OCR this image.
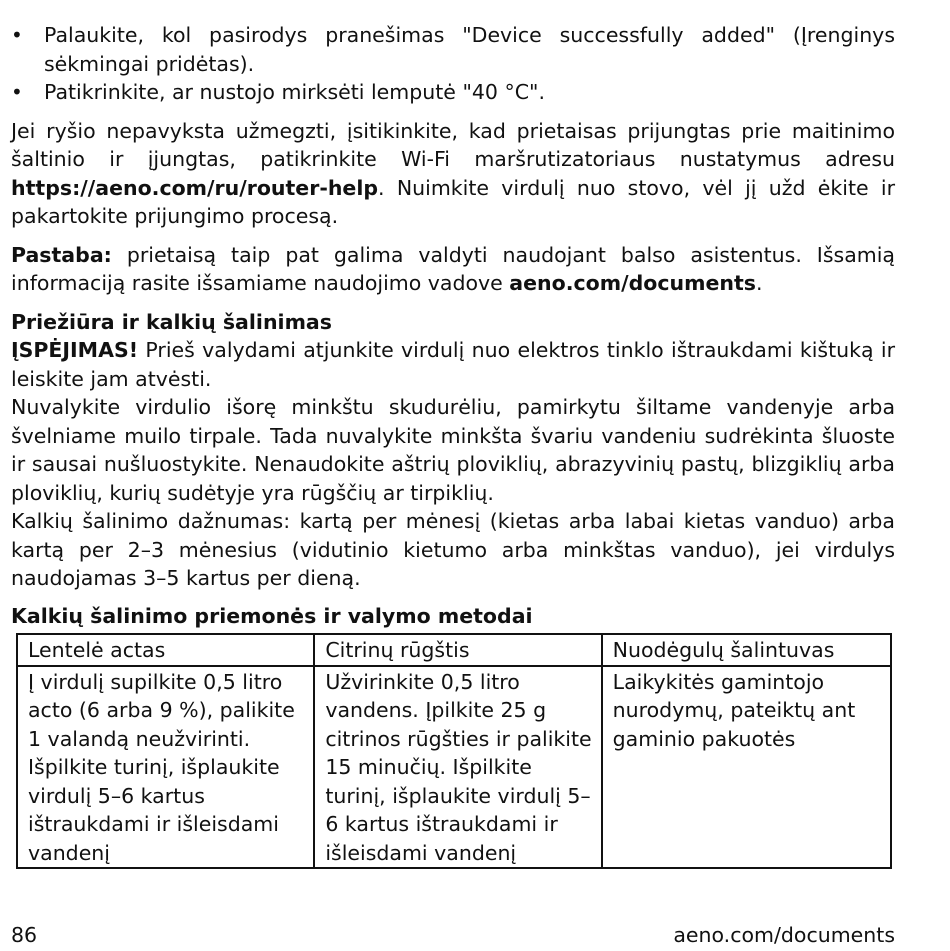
• Palaukite, kol pasirodys pranešimas "Device successfully added" (Įrenginys sėkmingai pridėtas).
• Patikrinkite, ar nustojo mirksėti lemputė "40 °C".

Jei ryšio nepavyksta užmegzti, įsitikinkite, kad prietaisas prijungtas prie maitinimo šaltinio ir įjungtas, patikrinkite Wi-Fi maršrutizatoriaus nustatymus adresu https://aeno.com/ru/router-help. Nuimkite virdulį nuo stovo, vėl jį užd ėkite ir pakartokite prijungimo procesą.

Pastaba: prietaisą taip pat galima valdyti naudojant balso asistentus. Išsamią informaciją rasite išsamiame naudojimo vadove aeno.com/documents.

Priežiūra ir kalkių šalinimas

ĮSPĖJIMAS! Prieš valydami atjunkite virdulį nuo elektros tinklo ištraukdami kištuką ir leiskite jam atvėsti.

Nuvalykite virdulio išorę minkštu skudurėliu, pamirkytu šiltame vandenyje arba švelniame muilo tirpale. Tada nuvalykite minkšta švariu vandeniu sudrėkinta šluoste ir sausai nušluostykite. Nenaudokite aštrių ploviklių, abrazyvinių pastų, blizgiklių arba ploviklių, kurių sudėtyje yra rūgščių ar tirpiklių.

Kalkių šalinimo dažnumas: kartą per mėnesį (kietas arba labai kietas vanduo) arba kartą per 2–3 mėnesius (vidutinio kietumo arba minkštas vanduo), jei virdulys naudojamas 3–5 kartus per dieną.

Kalkių šalinimo priemonės ir valymo metodai
Lentelė actas	Citrinų rūgštis	Nuodėgulų šalintuvas
Į virdulį supilkite 0,5 litro acto (6 arba 9 %), palikite 1 valandą neužvirinti. Išpilkite turinį, išplaukite virdulį 5–6 kartus ištraukdami ir išleisdami vandenį	Užvirinkite 0,5 litro vandens. Įpilkite 25 g citrinos rūgšties ir palikite 15 minučių. Išpilkite turinį, išplaukite virdulį 5–6 kartus ištraukdami ir išleisdami vandenį	Laikykitės gamintojo nurodymų, pateiktų ant gaminio pakuotės
86	aeno.com/documents
